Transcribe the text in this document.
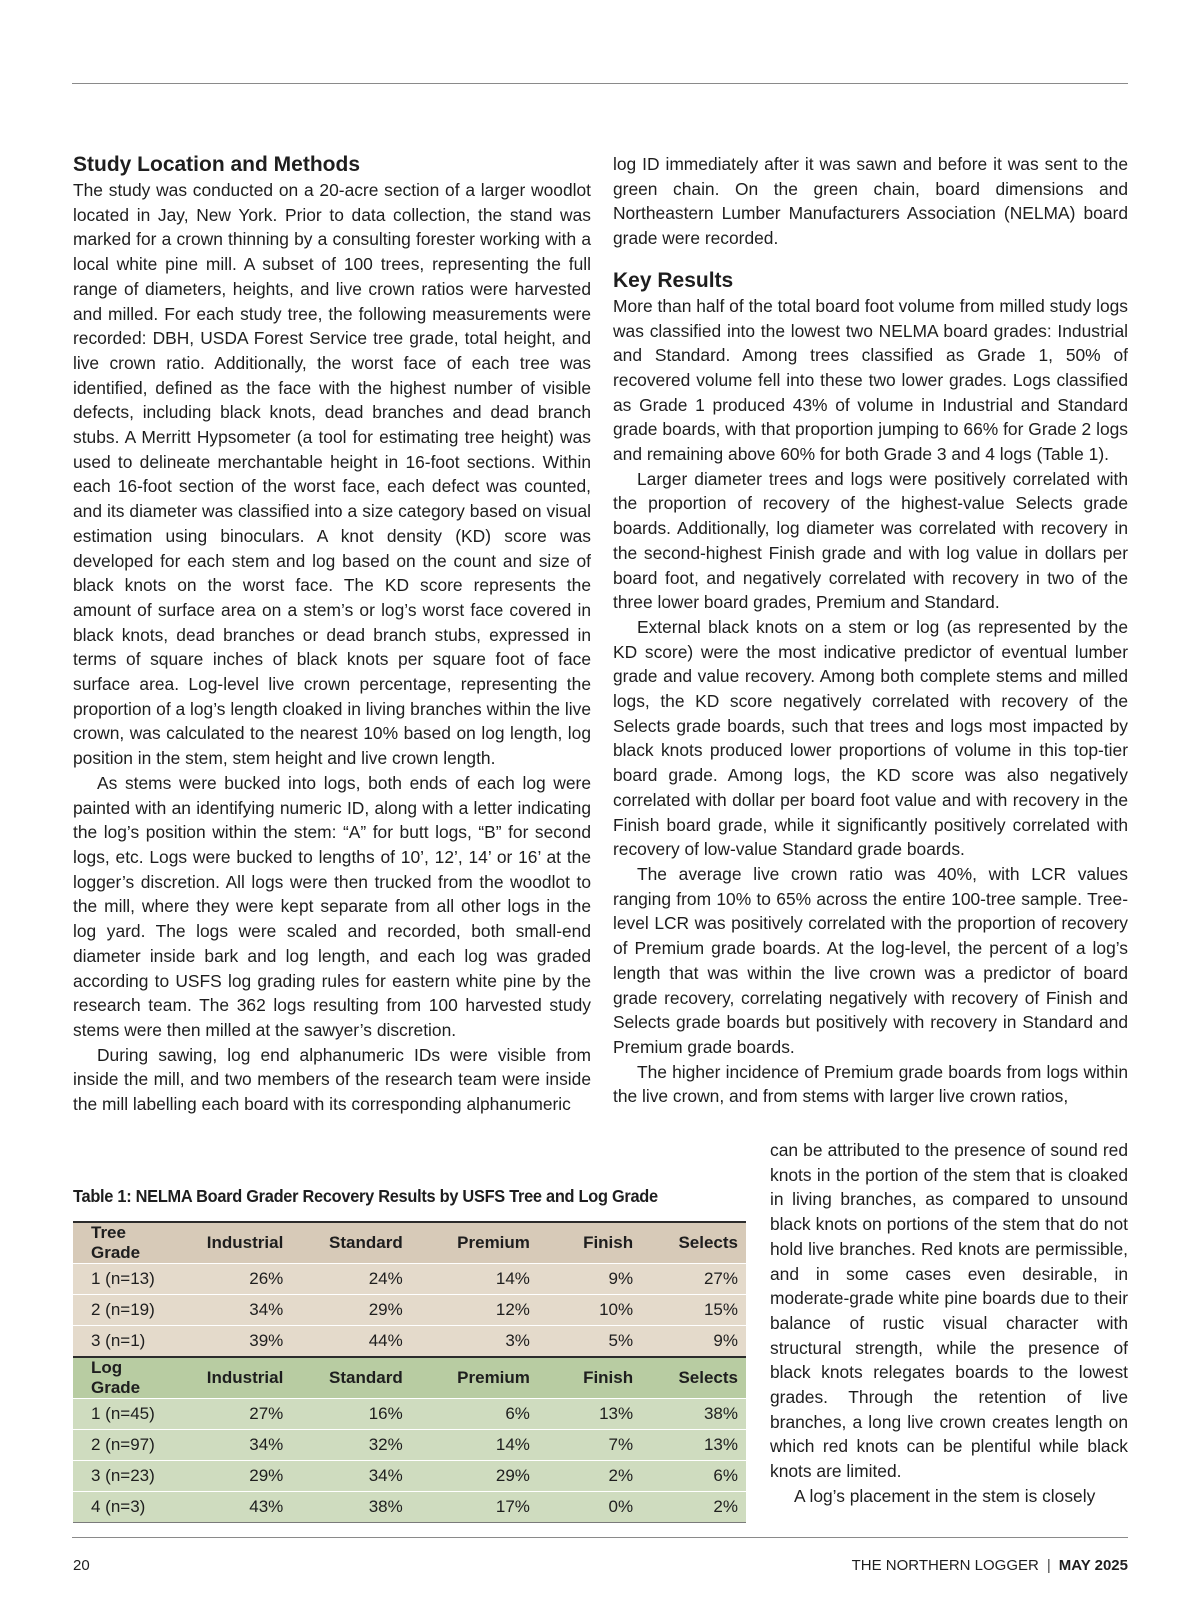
Study Location and Methods

The study was conducted on a 20-acre section of a larger woodlot located in Jay, New York. Prior to data collection, the stand was marked for a crown thinning by a consulting forester working with a local white pine mill. A subset of 100 trees, representing the full range of diameters, heights, and live crown ratios were harvested and milled. For each study tree, the following measurements were recorded: DBH, USDA Forest Service tree grade, total height, and live crown ratio. Additionally, the worst face of each tree was identified, defined as the face with the highest number of visible defects, including black knots, dead branches and dead branch stubs. A Merritt Hypsometer (a tool for estimating tree height) was used to delineate merchantable height in 16-foot sections. Within each 16-foot section of the worst face, each defect was counted, and its diameter was classified into a size category based on visual estimation using binoculars. A knot density (KD) score was developed for each stem and log based on the count and size of black knots on the worst face. The KD score represents the amount of surface area on a stem’s or log’s worst face covered in black knots, dead branches or dead branch stubs, expressed in terms of square inches of black knots per square foot of face surface area. Log-level live crown percentage, representing the proportion of a log’s length cloaked in living branches within the live crown, was calculated to the nearest 10% based on log length, log position in the stem, stem height and live crown length.

As stems were bucked into logs, both ends of each log were painted with an identifying numeric ID, along with a letter indicating the log’s position within the stem: “A” for butt logs, “B” for second logs, etc. Logs were bucked to lengths of 10’, 12’, 14’ or 16’ at the logger’s discretion. All logs were then trucked from the woodlot to the mill, where they were kept separate from all other logs in the log yard. The logs were scaled and recorded, both small-end diameter inside bark and log length, and each log was graded according to USFS log grading rules for eastern white pine by the research team. The 362 logs resulting from 100 harvested study stems were then milled at the sawyer’s discretion.

During sawing, log end alphanumeric IDs were visible from inside the mill, and two members of the research team were inside the mill labelling each board with its corresponding alphanumeric

log ID immediately after it was sawn and before it was sent to the green chain. On the green chain, board dimensions and Northeastern Lumber Manufacturers Association (NELMA) board grade were recorded.

Key Results

More than half of the total board foot volume from milled study logs was classified into the lowest two NELMA board grades: Industrial and Standard. Among trees classified as Grade 1, 50% of recovered volume fell into these two lower grades. Logs classified as Grade 1 produced 43% of volume in Industrial and Standard grade boards, with that proportion jumping to 66% for Grade 2 logs and remaining above 60% for both Grade 3 and 4 logs (Table 1).

Larger diameter trees and logs were positively correlated with the proportion of recovery of the highest-value Selects grade boards. Additionally, log diameter was correlated with recovery in the second-highest Finish grade and with log value in dollars per board foot, and negatively correlated with recovery in two of the three lower board grades, Premium and Standard.

External black knots on a stem or log (as represented by the KD score) were the most indicative predictor of eventual lumber grade and value recovery. Among both complete stems and milled logs, the KD score negatively correlated with recovery of the Selects grade boards, such that trees and logs most impacted by black knots produced lower proportions of volume in this top-tier board grade. Among logs, the KD score was also negatively correlated with dollar per board foot value and with recovery in the Finish board grade, while it significantly positively correlated with recovery of low-value Standard grade boards.

The average live crown ratio was 40%, with LCR values ranging from 10% to 65% across the entire 100-tree sample. Tree-level LCR was positively correlated with the proportion of recovery of Premium grade boards. At the log-level, the percent of a log’s length that was within the live crown was a predictor of board grade recovery, correlating negatively with recovery of Finish and Selects grade boards but positively with recovery in Standard and Premium grade boards.

The higher incidence of Premium grade boards from logs within the live crown, and from stems with larger live crown ratios,

can be attributed to the presence of sound red knots in the portion of the stem that is cloaked in living branches, as compared to unsound black knots on portions of the stem that do not hold live branches. Red knots are permissible, and in some cases even desirable, in moderate-grade white pine boards due to their balance of rustic visual character with structural strength, while the presence of black knots relegates boards to the lowest grades. Through the retention of live branches, a long live crown creates length on which red knots can be plentiful while black knots are limited.

A log’s placement in the stem is closely

Table 1: NELMA Board Grader Recovery Results by USFS Tree and Log Grade
Tree Grade	Industrial	Standard	Premium	Finish	Selects
1 (n=13)	26%	24%	14%	9%	27%
2 (n=19)	34%	29%	12%	10%	15%
3 (n=1)	39%	44%	3%	5%	9%
Log Grade	Industrial	Standard	Premium	Finish	Selects
1 (n=45)	27%	16%	6%	13%	38%
2 (n=97)	34%	32%	14%	7%	13%
3 (n=23)	29%	34%	29%	2%	6%
4 (n=3)	43%	38%	17%	0%	2%
20	THE NORTHERN LOGGER | MAY 2025
